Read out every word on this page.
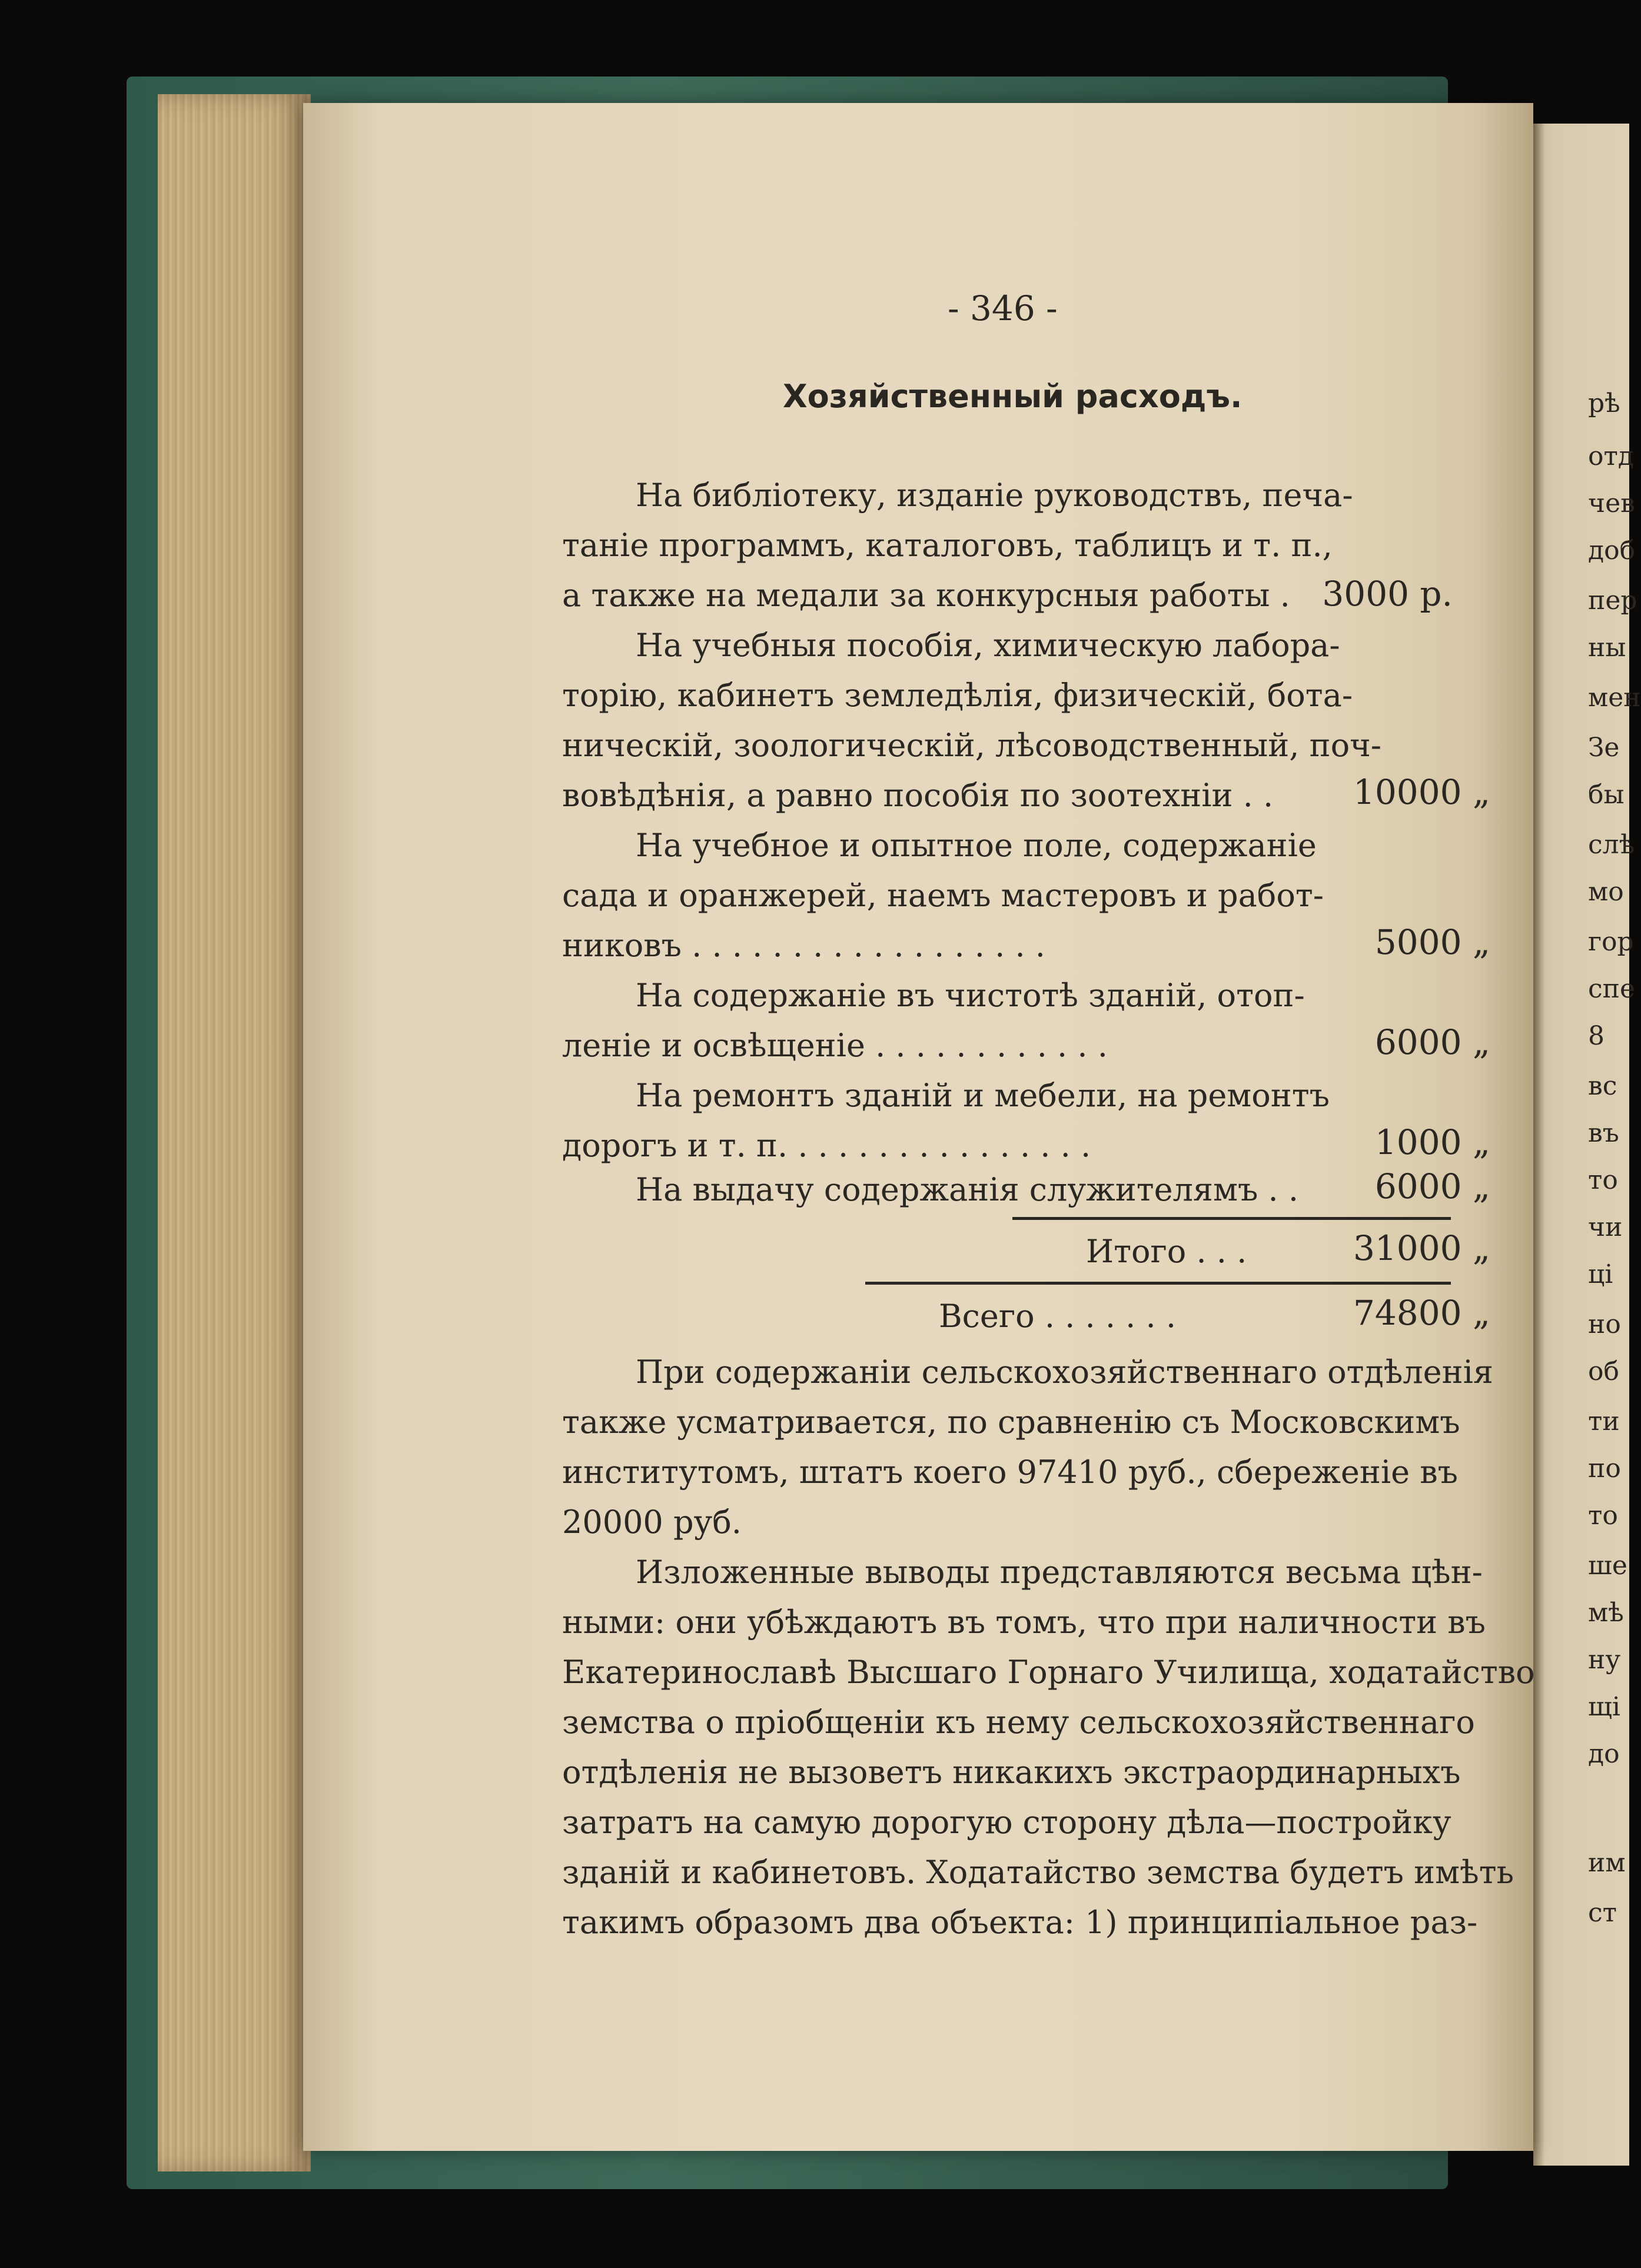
- 346 -
Хозяйственный расходъ.
На библіотеку, изданіе руководствъ, печа-
таніе программъ, каталоговъ, таблицъ и т. п.,
а также на медали за конкурсныя работы . 3000 р.
На учебныя пособія, химическую лабора-
торію, кабинетъ земледѣлія, физическій, бота-
ническій, зоологическій, лѣсоводственный, поч-
вовѣдѣнія, а равно пособія по зоотехніи . . 10000 „
На учебное и опытное поле, содержаніе
сада и оранжерей, наемъ мастеровъ и работ-
никовъ . . . . . . . . . . . . . . . . . .	5000 „
На содержаніе въ чистотѣ зданій, отоп-
леніе и освѣщеніе . . . . . . . . . . . .	6000 „
На ремонтъ зданій и мебели, на ремонтъ
дорогъ и т. п. . . . . . . . . . . . . . . .	1000 „
На выдачу содержанія служителямъ . . 6000 „
Итого . . .	31000 „
Всего . . . . . . .	74800 „
При содержаніи сельскохозяйственнаго отдѣленія
также усматривается, по сравненію съ Московскимъ
институтомъ, штатъ коего 97410 руб., сбереженіе въ
20000 руб.
Изложенные выводы представляются весьма цѣн-
ными: они убѣждаютъ въ томъ, что при наличности въ
Екатеринославѣ Высшаго Горнаго Училища, ходатайство
земства о пріобщеніи къ нему сельскохозяйственнаго
отдѣленія не вызоветъ никакихъ экстраординарныхъ
затратъ на самую дорогую сторону дѣла—постройку
зданій и кабинетовъ. Ходатайство земства будетъ имѣть
такимъ образомъ два объекта: 1) принципіальное раз-
рѣ
отд
чев
доб
пер
ны
мен
Зе
бы
слѣ
мо
гор
спе
8
вс
въ
то
чи
ці
но
об
ти
по
то
ше
мѣ
ну
щі
до
им
ст
